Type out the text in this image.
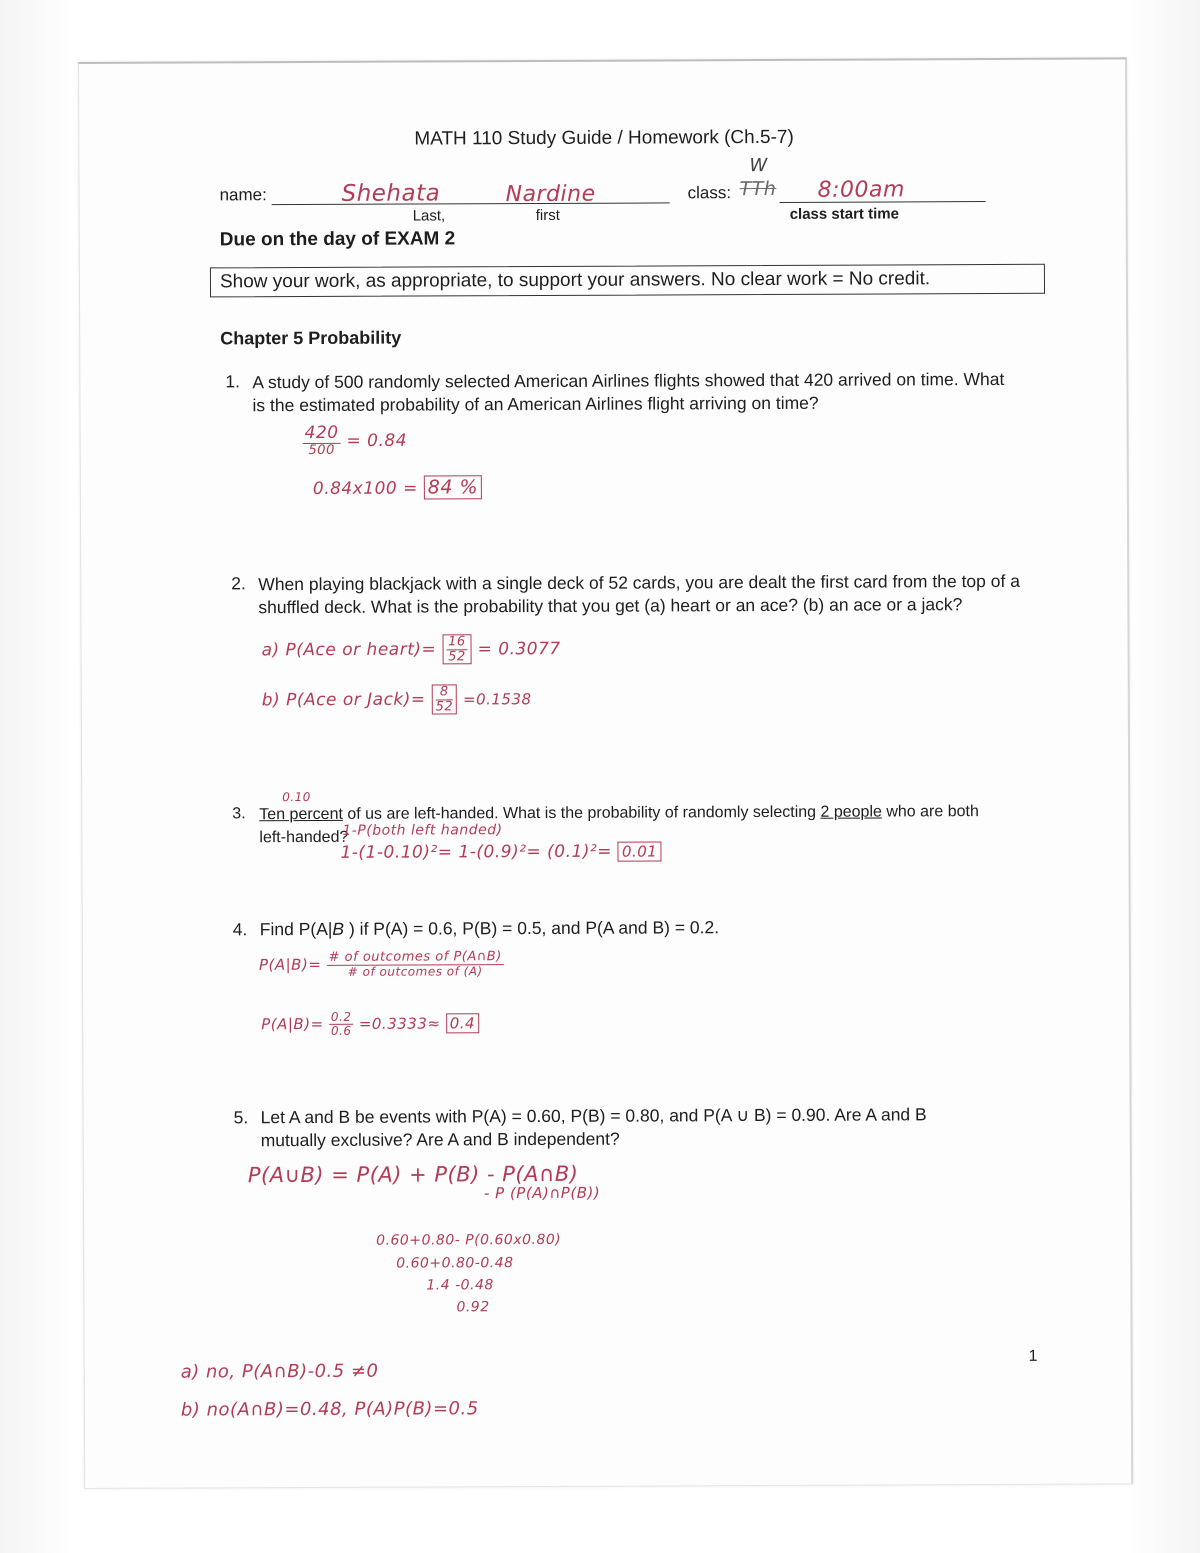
MATH 110 Study Guide / Homework (Ch.5-7)
name:	Shehata	Nardine
Last,	first
class: TTh
W
8:00am
class start time
Due on the day of EXAM 2
Show your work, as appropriate, to support your answers. No clear work = No credit.
Chapter 5 Probability
1. A study of 500 randomly selected American Airlines flights showed that 420 arrived on time. What is the estimated probability of an American Airlines flight arriving on time?
$\frac{420}{500} = 0.84$
0.84x100 = 84 %
2. When playing blackjack with a single deck of 52 cards, you are dealt the first card from the top of a shuffled deck. What is the probability that you get (a) heart or an ace? (b) an ace or a jack?
a) P(Ace or heart)= $\frac{16}{52} = 0.3077$
b) P(Ace or Jack)= $\frac{8}{52} =0.1538$
0.10
3. Ten percent of us are left-handed. What is the probability of randomly selecting 2 people who are both left-handed?
1-P(both left handed)
1-(1-0.10)²= 1-(0.9)²= (0.1)²= 0.01
4. Find P(A|B ) if P(A) = 0.6, P(B) = 0.5, and P(A and B) = 0.2.
$P(A|B)= \frac{\text{\# of outcomes of P(A∩B)}}{\text{\# of outcomes of (A)}}$
$P(A|B)= \frac{0.2}{0.6} =0.3333\approx 0.4$
5. Let A and B be events with P(A) = 0.60, P(B) = 0.80, and P(A ∪ B) = 0.90. Are A and B mutually exclusive? Are A and B independent?
P(A∪B) = P(A) + P(B) - P(A∩B)
- P (P(A)∩P(B))
0.60+0.80- P(0.60x0.80)
0.60+0.80-0.48
1.4 -0.48
0.92
a) no, P(A∩B)-0.5 ≠0
b) no(A∩B)=0.48, P(A)P(B)=0.5
1
